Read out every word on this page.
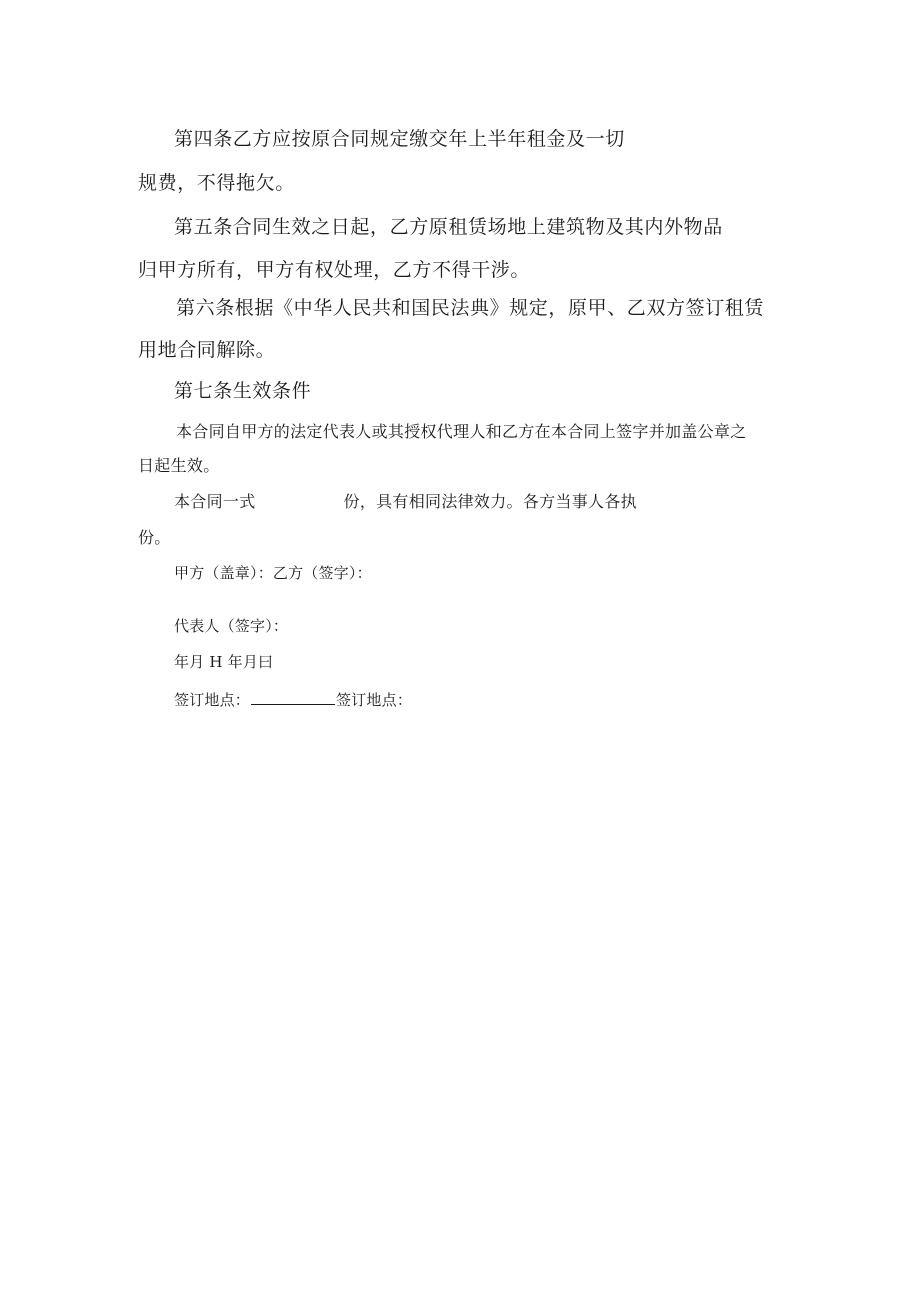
第四条乙方应按原合同规定缴交年上半年租金及一切
规费，不得拖欠。
第五条合同生效之日起，乙方原租赁场地上建筑物及其内外物品
归甲方所有，甲方有权处理，乙方不得干涉。
第六条根据《中华人民共和国民法典》规定，原甲、乙双方签订租赁
用地合同解除。
第七条生效条件
本合同自甲方的法定代表人或其授权代理人和乙方在本合同上签字并加盖公章之
日起生效。
本合同一式	份，具有相同法律效力。各方当事人各执
份。
甲方（盖章）：乙方（签字）：
代表人（签字）：
年月 H 年月曰
签订地点：	签订地点：
